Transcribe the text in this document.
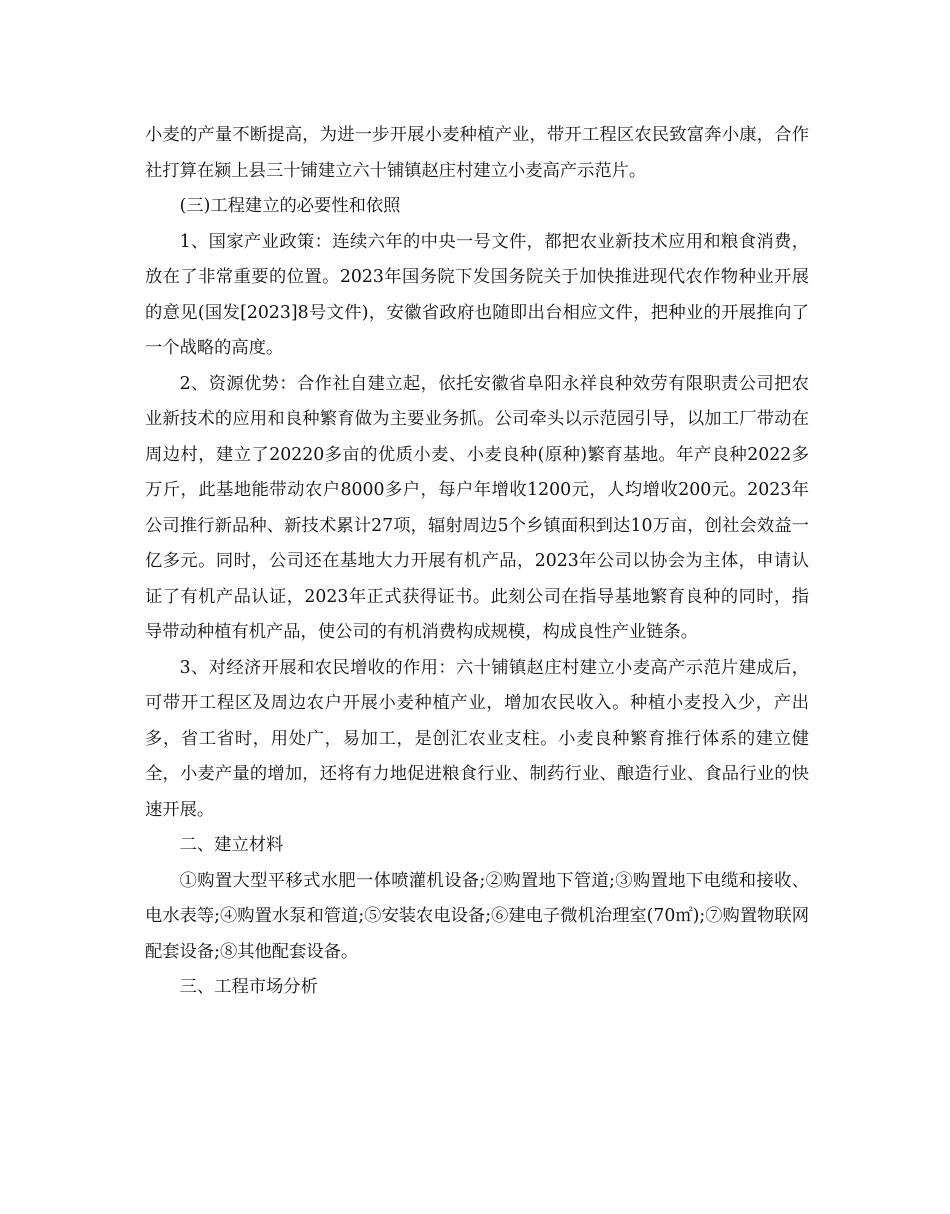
小麦的产量不断提高，为进一步开展小麦种植产业，带开工程区农民致富奔小康，合作社打算在颍上县三十铺建立六十铺镇赵庄村建立小麦高产示范片。

(三)工程建立的必要性和依照

1、国家产业政策：连续六年的中央一号文件，都把农业新技术应用和粮食消费，放在了非常重要的位置。2023年国务院下发国务院关于加快推进现代农作物种业开展的意见(国发[2023]8号文件)，安徽省政府也随即出台相应文件，把种业的开展推向了一个战略的高度。

2、资源优势：合作社自建立起，依托安徽省阜阳永祥良种效劳有限职责公司把农业新技术的应用和良种繁育做为主要业务抓。公司牵头以示范园引导，以加工厂带动在周边村，建立了20220多亩的优质小麦、小麦良种(原种)繁育基地。年产良种2022多万斤，此基地能带动农户8000多户，每户年增收1200元，人均增收200元。2023年公司推行新品种、新技术累计27项，辐射周边5个乡镇面积到达10万亩，创社会效益一亿多元。同时，公司还在基地大力开展有机产品，2023年公司以协会为主体，申请认证了有机产品认证，2023年正式获得证书。此刻公司在指导基地繁育良种的同时，指导带动种植有机产品，使公司的有机消费构成规模，构成良性产业链条。

3、对经济开展和农民增收的作用：六十铺镇赵庄村建立小麦高产示范片建成后，可带开工程区及周边农户开展小麦种植产业，增加农民收入。种植小麦投入少，产出多，省工省时，用处广，易加工，是创汇农业支柱。小麦良种繁育推行体系的建立健全，小麦产量的增加，还将有力地促进粮食行业、制药行业、酿造行业、食品行业的快速开展。

二、建立材料

①购置大型平移式水肥一体喷灌机设备;②购置地下管道;③购置地下电缆和接收、电水表等;④购置水泵和管道;⑤安装农电设备;⑥建电子微机治理室(70㎡);⑦购置物联网配套设备;⑧其他配套设备。

三、工程市场分析
